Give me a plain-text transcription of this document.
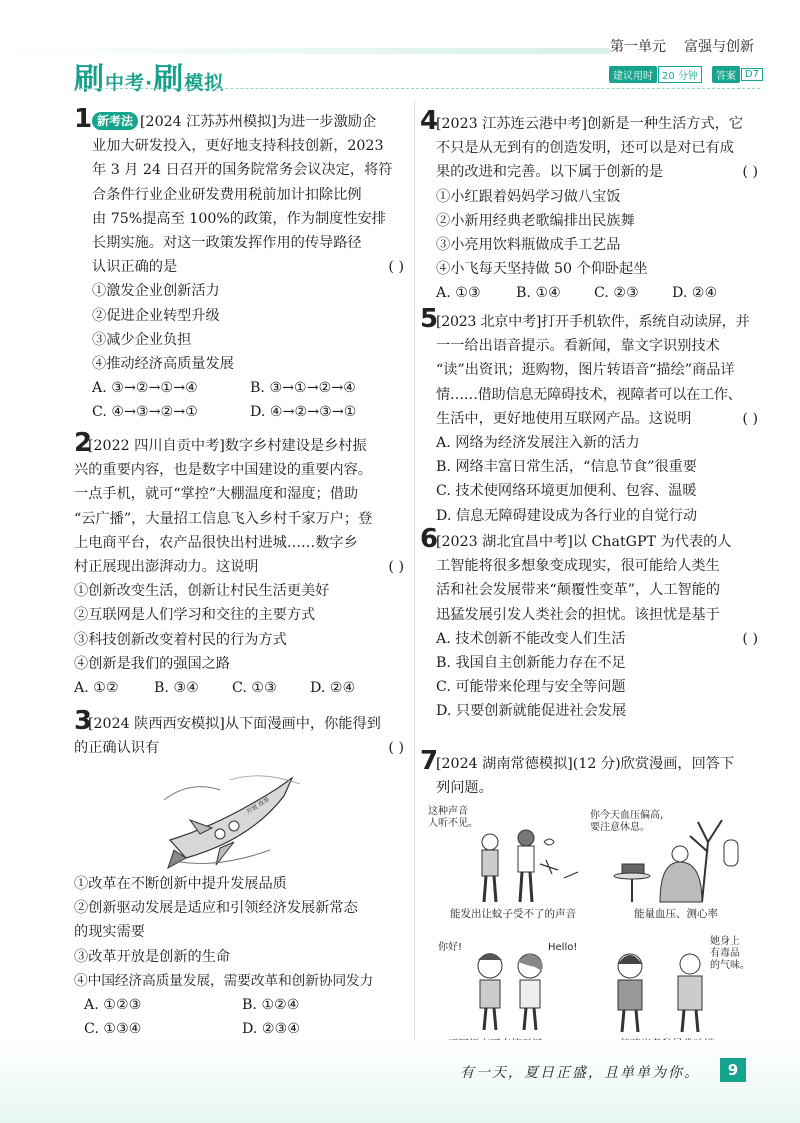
刷中考·刷模拟
第一单元 富强与创新
建议用时 20 分钟	答案 D7
1 新考法 [2024 江苏苏州模拟]为进一步激励企
业加大研发投入，更好地支持科技创新，2023
年 3 月 24 日召开的国务院常务会议决定，将符
合条件行业企业研发费用税前加计扣除比例
由 75%提高至 100%的政策，作为制度性安排
长期实施。对这一政策发挥作用的传导路径
认识正确的是	( )
①激发企业创新活力
②促进企业转型升级
③减少企业负担
④推动经济高质量发展
A. ③→②→①→④	B. ③→①→②→④
C. ④→③→②→①	D. ④→②→③→①
2
[2022 四川自贡中考]数字乡村建设是乡村振
兴的重要内容，也是数字中国建设的重要内容。
一点手机，就可“掌控”大棚温度和湿度；借助
“云广播”，大量招工信息飞入乡村千家万户；登
上电商平台，农产品很快出村进城……数字乡
村正展现出澎湃动力。这说明	( )
①创新改变生活，创新让村民生活更美好
②互联网是人们学习和交往的主要方式
③科技创新改变着村民的行为方式
④创新是我们的强国之路
A. ①②	B. ③④	C. ①③	D. ②④
3
[2024 陕西西安模拟]从下面漫画中，你能得到
的正确认识有	( )
开放 改革
①改革在不断创新中提升发展品质
②创新驱动发展是适应和引领经济发展新常态
的现实需要
③改革开放是创新的生命
④中国经济高质量发展，需要改革和创新协同发力
A. ①②③	B. ①②④
C. ①③④	D. ②③④
4
[2023 江苏连云港中考]创新是一种生活方式，它
不只是从无到有的创造发明，还可以是对已有成
果的改进和完善。以下属于创新的是	( )
①小红跟着妈妈学习做八宝饭
②小新用经典老歌编排出民族舞
③小亮用饮料瓶做成手工艺品
④小飞每天坚持做 50 个仰卧起坐
A. ①③	B. ①④	C. ②③	D. ②④
5
[2023 北京中考]打开手机软件，系统自动读屏，并
一一给出语音提示。看新闻，靠文字识别技术
“读”出资讯；逛购物，图片转语音“描绘”商品详
情……借助信息无障碍技术，视障者可以在工作、
生活中，更好地使用互联网产品。这说明	( )
A. 网络为经济发展注入新的活力
B. 网络丰富日常生活，“信息节食”很重要
C. 技术使网络环境更加便利、包容、温暖
D. 信息无障碍建设成为各行业的自觉行动
6
[2023 湖北宜昌中考]以 ChatGPT 为代表的人
工智能将很多想象变成现实，很可能给人类生
活和社会发展带来“颠覆性变革”，人工智能的
迅猛发展引发人类社会的担忧。该担忧是基于
( )
A. 技术创新不能改变人们生活
B. 我国自主创新能力存在不足
C. 可能带来伦理与安全等问题
D. 只要创新就能促进社会发展
7
[2024 湖南常德模拟](12 分)欣赏漫画，回答下
列问题。
这种声音
人听不见。
能发出让蚊子受不了的声音
你今天血压偏高，
要注意休息。
能量血压、测心率
你好!	Hello!
她身上
有毒品
的气味。
有一天，夏日正盛，且单单为你。	9
